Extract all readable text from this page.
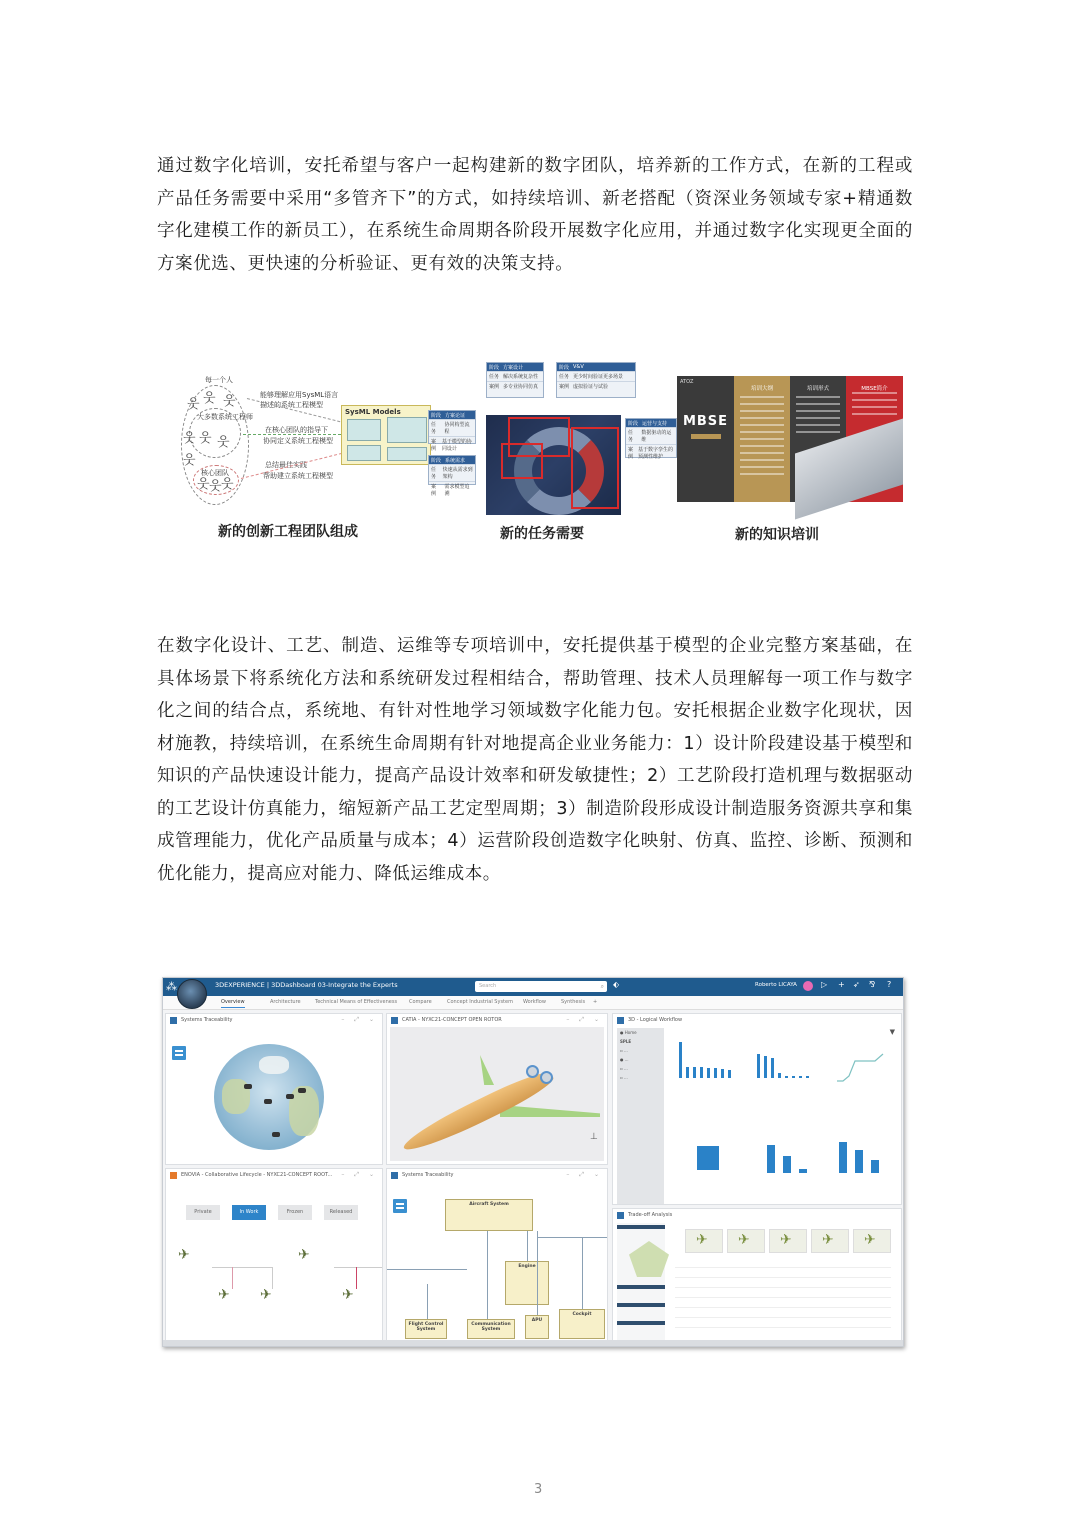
通过数字化培训，安托希望与客户一起构建新的数字团队，培养新的工作方式，在新的工程或产品任务需要中采用“多管齐下”的方式，如持续培训、新老搭配（资深业务领域专家+精通数字化建模工作的新员工），在系统生命周期各阶段开展数字化应用，并通过数字化实现更全面的方案优选、更快速的分析验证、更有效的决策支持。

每一个人
大多数系统工程师
核心团队
웃 웃 웃
웃 웃 웃
웃
웃 웃 웃
能够理解应用SysML语言
描述的系统工程模型
在核心团队的指导下
协同定义系统工程模型
总结最佳实践
帮助建立系统工程模型
SysML Models
新的创新工程团队组成
阶段 方案论证
任务
协同构型流程
案例
基于模型的协同设计
阶段 方案设计
任务 解决系统复杂性
案例 多专业协同仿真
阶段 V&V
任务 更少时间验证更多场景
案例 虚拟验证与试验
阶段 系统需求
任务
快速从需求到架构
案例
需求模型追溯
阶段 运营与支持
任务
数据驱动的运维
案例
基于数字孪生的预测性维护
新的任务需要
ATOZ
MBSE
培训大纲	培训形式	MBSE简介
新的知识培训

在数字化设计、工艺、制造、运维等专项培训中，安托提供基于模型的企业完整方案基础，在具体场景下将系统化方法和系统研发过程相结合，帮助管理、技术人员理解每一项工作与数字化之间的结合点，系统地、有针对性地学习领域数字化能力包。安托根据企业数字化现状，因材施教，持续培训，在系统生命周期有针对地提高企业业务能力：1）设计阶段建设基于模型和知识的产品快速设计能力，提高产品设计效率和研发敏捷性；2）工艺阶段打造机理与数据驱动的工艺设计仿真能力，缩短新产品工艺定型周期；3）制造阶段形成设计制造服务资源共享和集成管理能力，优化产品质量与成本；4）运营阶段创造数字化映射、仿真、监控、诊断、预测和优化能力，提高应对能力、降低运维成本。

⁂	3DEXPERIENCE | 3DDashboard 03-Integrate the Experts	Search	⌕ ⬖	Roberto LICAYA	▷ + ➶ ⅋ ?
Overview	Architecture	Technical Means of Effectiveness Compare	Concept Industrial System Workflow	Synthesis +
Systems Traceability	– ⤢ ⌄	CATIA - NYXC21-CONCEPT OPEN ROTOR	– ⤢ ⌄
⊥
3D - Logical Workflow
● Home
SPLE
▫ ...
● ...
▫ ...
▫ ...
▼
ENOVIA - Collaborative Lifecycle - NYXC21-CONCEPT ROOT... – ⤢ ⌄
Private	In Work	Frozen	Released
✈
✈ ✈
✈
✈
Systems Traceability	– ⤢ ⌄
Aircraft System
Engine
Flight Control System
Communication System
APU
Cockpit
Trade-off Analysis
✈
✈
✈
✈
✈
3
